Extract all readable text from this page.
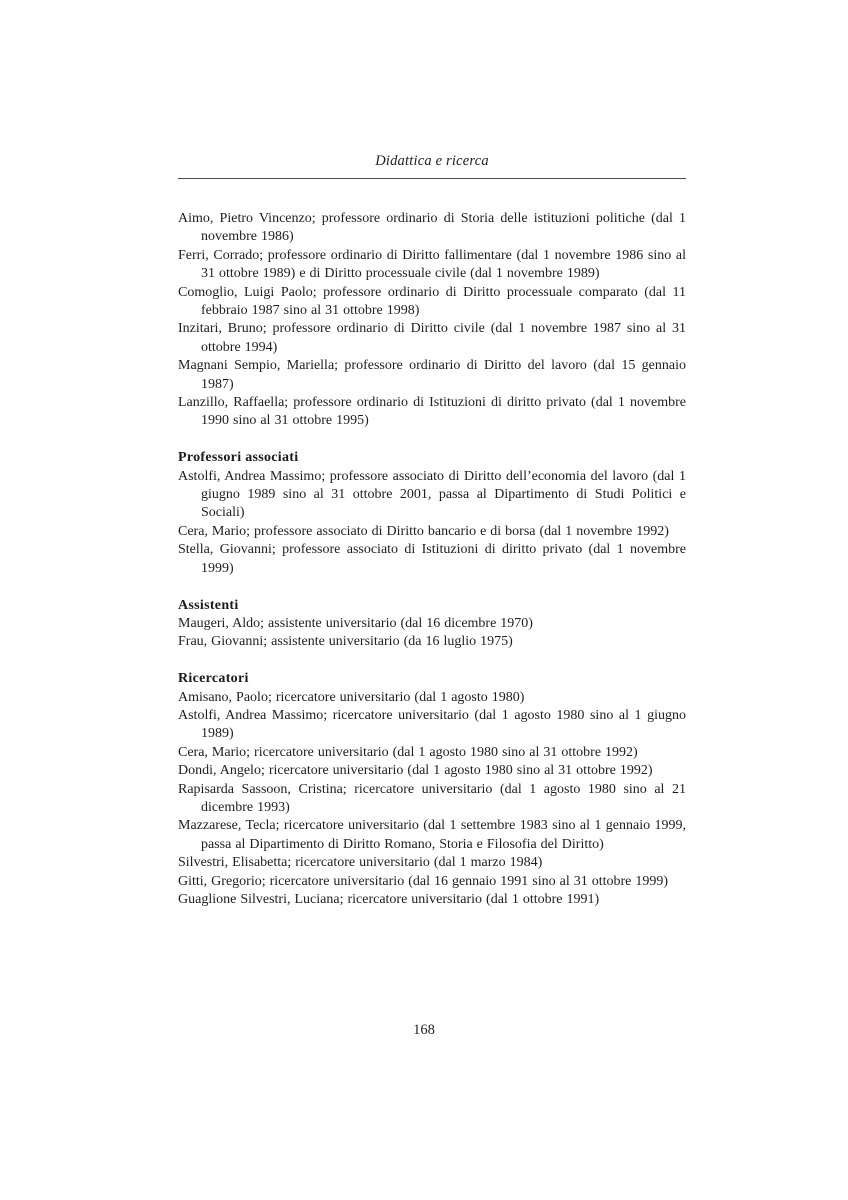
Didattica e ricerca

Aimo, Pietro Vincenzo; professore ordinario di Storia delle istituzioni politiche (dal 1 novembre 1986)

Ferri, Corrado; professore ordinario di Diritto fallimentare (dal 1 novembre 1986 sino al 31 ottobre 1989) e di Diritto processuale civile (dal 1 novembre 1989)

Comoglio, Luigi Paolo; professore ordinario di Diritto processuale comparato (dal 11 febbraio 1987 sino al 31 ottobre 1998)

Inzitari, Bruno; professore ordinario di Diritto civile (dal 1 novembre 1987 sino al 31 ottobre 1994)

Magnani Sempio, Mariella; professore ordinario di Diritto del lavoro (dal 15 gennaio 1987)

Lanzillo, Raffaella; professore ordinario di Istituzioni di diritto privato (dal 1 novembre 1990 sino al 31 ottobre 1995)

Professori associati

Astolfi, Andrea Massimo; professore associato di Diritto dell’economia del lavoro (dal 1 giugno 1989 sino al 31 ottobre 2001, passa al Dipartimento di Studi Politici e Sociali)

Cera, Mario; professore associato di Diritto bancario e di borsa (dal 1 novembre 1992)

Stella, Giovanni; professore associato di Istituzioni di diritto privato (dal 1 novembre 1999)

Assistenti

Maugeri, Aldo; assistente universitario (dal 16 dicembre 1970)

Frau, Giovanni; assistente universitario (da 16 luglio 1975)

Ricercatori

Amisano, Paolo; ricercatore universitario (dal 1 agosto 1980)

Astolfi, Andrea Massimo; ricercatore universitario (dal 1 agosto 1980 sino al 1 giugno 1989)

Cera, Mario; ricercatore universitario (dal 1 agosto 1980 sino al 31 ottobre 1992)

Dondi, Angelo; ricercatore universitario (dal 1 agosto 1980 sino al 31 ottobre 1992)

Rapisarda Sassoon, Cristina; ricercatore universitario (dal 1 agosto 1980 sino al 21 dicembre 1993)

Mazzarese, Tecla; ricercatore universitario (dal 1 settembre 1983 sino al 1 gennaio 1999, passa al Dipartimento di Diritto Romano, Storia e Filosofia del Diritto)

Silvestri, Elisabetta; ricercatore universitario (dal 1 marzo 1984)

Gitti, Gregorio; ricercatore universitario (dal 16 gennaio 1991 sino al 31 ottobre 1999)

Guaglione Silvestri, Luciana; ricercatore universitario (dal 1 ottobre 1991)

168
